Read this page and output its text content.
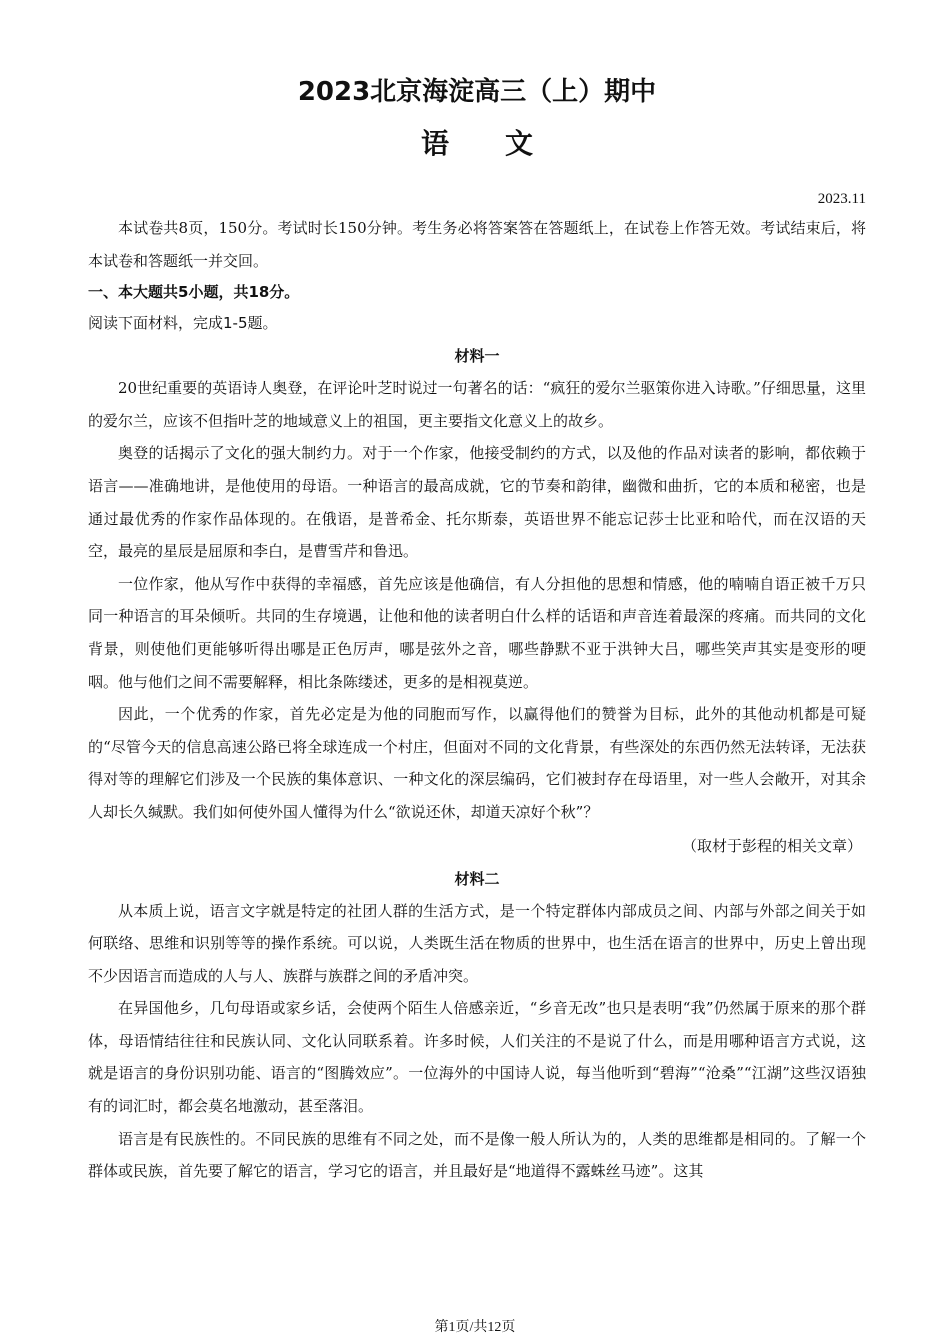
2023北京海淀高三（上）期中
语文
2023.11

本试卷共8页，150分。考试时长150分钟。考生务必将答案答在答题纸上，在试卷上作答无效。考试结束后，将本试卷和答题纸一并交回。

一、本大题共5小题，共18分。

阅读下面材料，完成1-5题。

材料一

20世纪重要的英语诗人奥登，在评论叶芝时说过一句著名的话：“疯狂的爱尔兰驱策你进入诗歌。”仔细思量，这里的爱尔兰，应该不但指叶芝的地域意义上的祖国，更主要指文化意义上的故乡。

奥登的话揭示了文化的强大制约力。对于一个作家，他接受制约的方式，以及他的作品对读者的影响，都依赖于语言——准确地讲，是他使用的母语。一种语言的最高成就，它的节奏和韵律，幽微和曲折，它的本质和秘密，也是通过最优秀的作家作品体现的。在俄语，是普希金、托尔斯泰，英语世界不能忘记莎士比亚和哈代，而在汉语的天空，最亮的星辰是屈原和李白，是曹雪芹和鲁迅。

一位作家，他从写作中获得的幸福感，首先应该是他确信，有人分担他的思想和情感，他的喃喃自语正被千万只同一种语言的耳朵倾听。共同的生存境遇，让他和他的读者明白什么样的话语和声音连着最深的疼痛。而共同的文化背景，则使他们更能够听得出哪是正色厉声，哪是弦外之音，哪些静默不亚于洪钟大吕，哪些笑声其实是变形的哽咽。他与他们之间不需要解释，相比条陈缕述，更多的是相视莫逆。

因此，一个优秀的作家，首先必定是为他的同胞而写作，以赢得他们的赞誉为目标，此外的其他动机都是可疑的“尽管今天的信息高速公路已将全球连成一个村庄，但面对不同的文化背景，有些深处的东西仍然无法转译，无法获得对等的理解它们涉及一个民族的集体意识、一种文化的深层编码，它们被封存在母语里，对一些人会敞开，对其余人却长久缄默。我们如何使外国人懂得为什么“欲说还休，却道天凉好个秋”？

（取材于彭程的相关文章）
材料二

从本质上说，语言文字就是特定的社团人群的生活方式，是一个特定群体内部成员之间、内部与外部之间关于如何联络、思维和识别等等的操作系统。可以说，人类既生活在物质的世界中，也生活在语言的世界中，历史上曾出现不少因语言而造成的人与人、族群与族群之间的矛盾冲突。

在异国他乡，几句母语或家乡话，会使两个陌生人倍感亲近，“乡音无改”也只是表明“我”仍然属于原来的那个群体，母语情结往往和民族认同、文化认同联系着。许多时候，人们关注的不是说了什么，而是用哪种语言方式说，这就是语言的身份识别功能、语言的“图腾效应”。一位海外的中国诗人说，每当他听到“碧海”“沧桑”“江湖”这些汉语独有的词汇时，都会莫名地激动，甚至落泪。

语言是有民族性的。不同民族的思维有不同之处，而不是像一般人所认为的，人类的思维都是相同的。了解一个群体或民族，首先要了解它的语言，学习它的语言，并且最好是“地道得不露蛛丝马迹”。这其

第1页/共12页
